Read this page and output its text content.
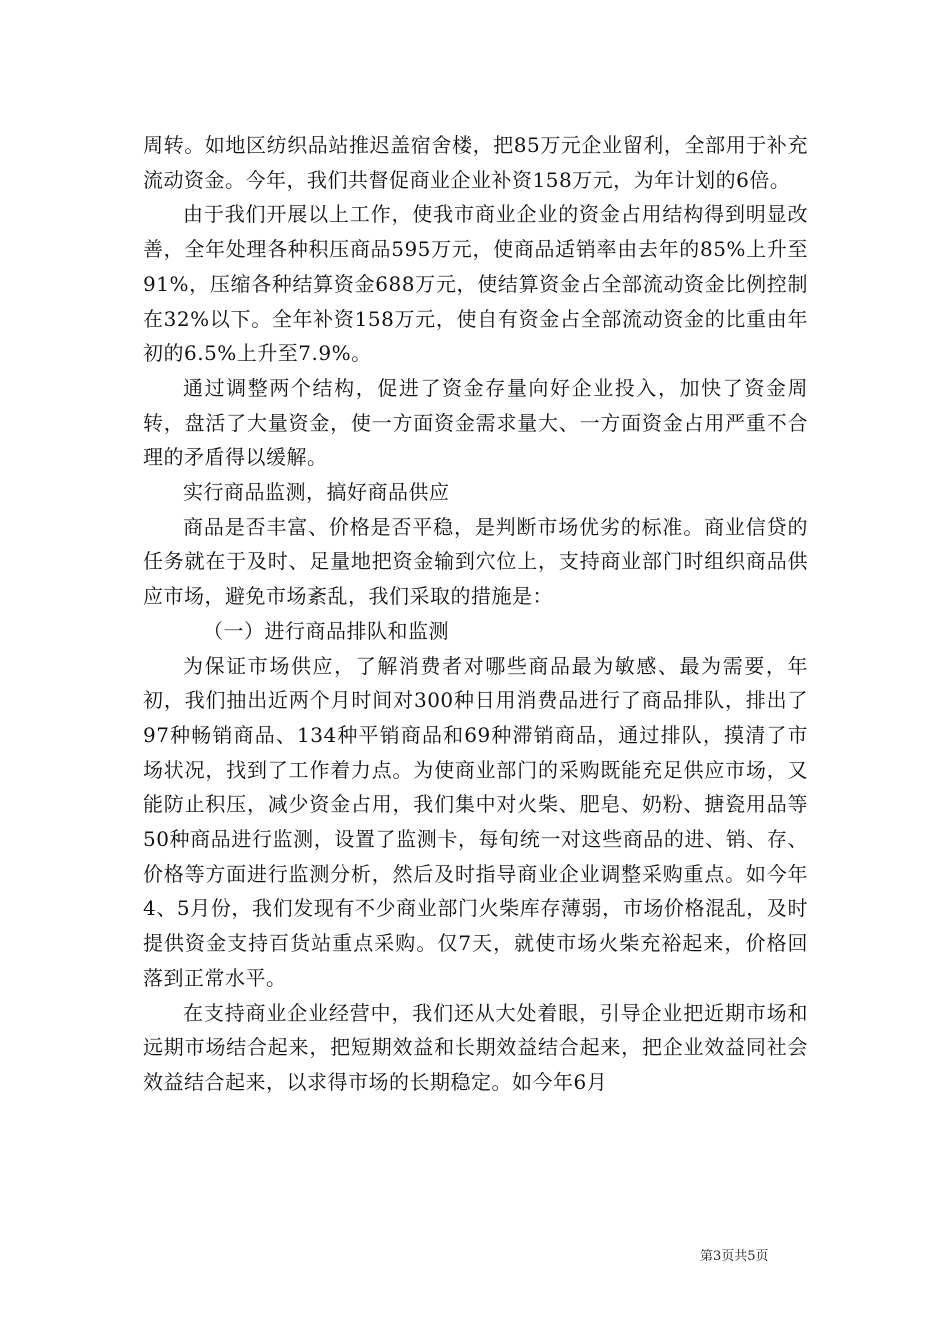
周转。如地区纺织品站推迟盖宿舍楼，把85万元企业留利，全部用于补充流动资金。今年，我们共督促商业企业补资158万元，为年计划的6倍。

由于我们开展以上工作，使我市商业企业的资金占用结构得到明显改善，全年处理各种积压商品595万元，使商品适销率由去年的85%上升至91%，压缩各种结算资金688万元，使结算资金占全部流动资金比例控制在32%以下。全年补资158万元，使自有资金占全部流动资金的比重由年初的6.5%上升至7.9%。

通过调整两个结构，促进了资金存量向好企业投入，加快了资金周转，盘活了大量资金，使一方面资金需求量大、一方面资金占用严重不合理的矛盾得以缓解。

实行商品监测，搞好商品供应

商品是否丰富、价格是否平稳，是判断市场优劣的标准。商业信贷的任务就在于及时、足量地把资金输到穴位上，支持商业部门时组织商品供应市场，避免市场紊乱，我们采取的措施是：

（一）进行商品排队和监测

为保证市场供应，了解消费者对哪些商品最为敏感、最为需要，年初，我们抽出近两个月时间对300种日用消费品进行了商品排队，排出了97种畅销商品、134种平销商品和69种滞销商品，通过排队，摸清了市场状况，找到了工作着力点。为使商业部门的采购既能充足供应市场，又能防止积压，减少资金占用，我们集中对火柴、肥皂、奶粉、搪瓷用品等50种商品进行监测，设置了监测卡，每旬统一对这些商品的进、销、存、价格等方面进行监测分析，然后及时指导商业企业调整采购重点。如今年4、5月份，我们发现有不少商业部门火柴库存薄弱，市场价格混乱，及时提供资金支持百货站重点采购。仅7天，就使市场火柴充裕起来，价格回落到正常水平。

在支持商业企业经营中，我们还从大处着眼，引导企业把近期市场和远期市场结合起来，把短期效益和长期效益结合起来，把企业效益同社会效益结合起来，以求得市场的长期稳定。如今年6月

第3页共5页
